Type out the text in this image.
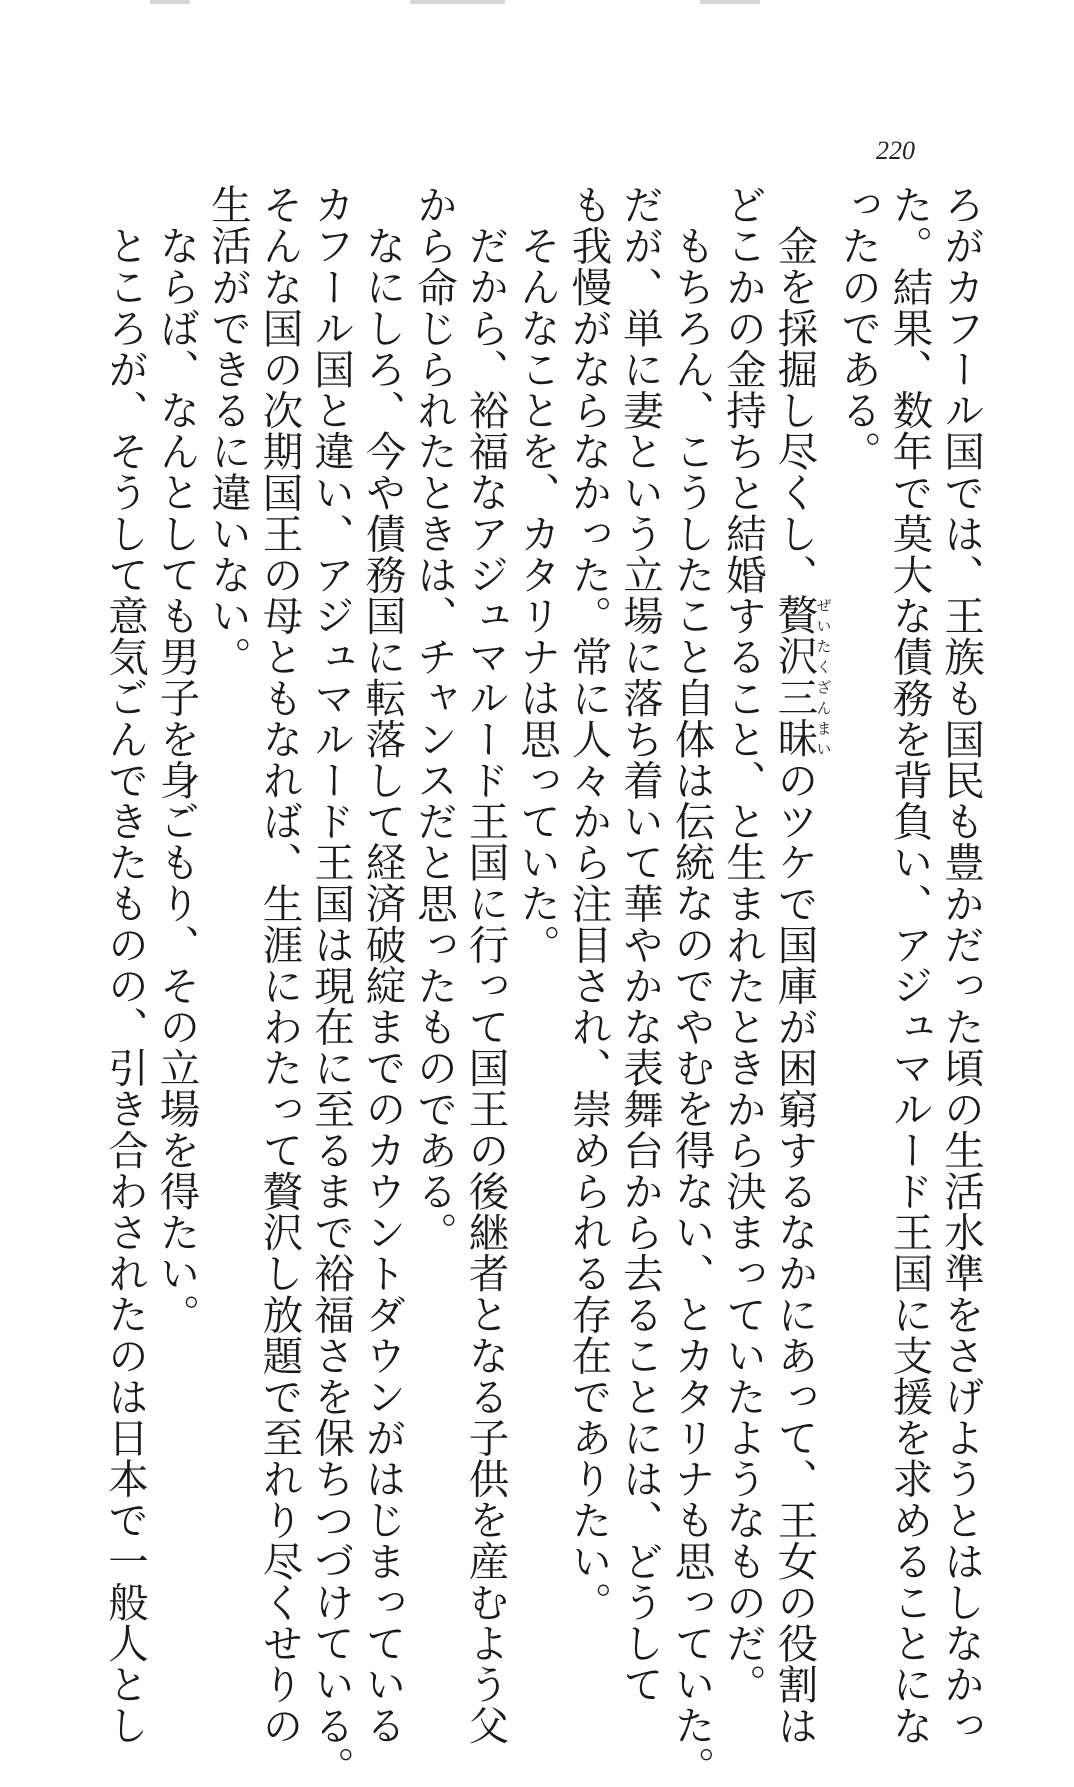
220

ろがカフール国では、王族も国民も豊かだった頃の生活水準をさげようとはしなかっ

た。結果、数年で莫大な債務を背負い、アジュマルード王国に支援を求めることにな

ったのである。

金を採掘し尽くし、贅沢三昧ぜいたくざんまいのツケで国庫が困窮するなかにあって、王女の役割は

どこかの金持ちと結婚すること、と生まれたときから決まっていたようなものだ。

もちろん、こうしたこと自体は伝統なのでやむを得ない、とカタリナも思っていた。

だが、単に妻という立場に落ち着いて華やかな表舞台から去ることには、どうして

も我慢がならなかった。常に人々から注目され、崇められる存在でありたい。

そんなことを、カタリナは思っていた。

だから、裕福なアジュマルード王国に行って国王の後継者となる子供を産むよう父

から命じられたときは、チャンスだと思ったものである。

なにしろ、今や債務国に転落して経済破綻までのカウントダウンがはじまっている

カフール国と違い、アジュマルード王国は現在に至るまで裕福さを保ちつづけている。

そんな国の次期国王の母ともなれば、生涯にわたって贅沢し放題で至れり尽くせりの

生活ができるに違いない。

ならば、なんとしても男子を身ごもり、その立場を得たい。

ところが、そうして意気ごんできたものの、引き合わされたのは日本で一般人とし
